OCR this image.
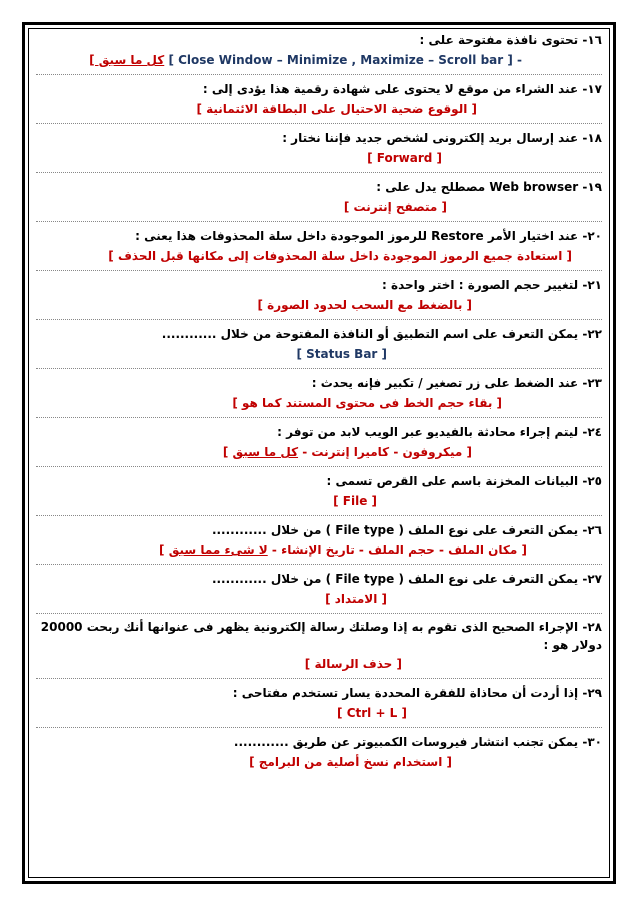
١٦- تحتوى نافذة مفتوحة على :
[ Close Window – Minimize , Maximize – Scroll bar ] - كل ما سبق ]
١٧- عند الشراء من موقع لا يحتوى على شهادة رقمية هذا يؤدى إلى :
[ الوقوع ضحية الاحتيال على البطاقة الائتمانية ]
١٨- عند إرسال بريد إلكترونى لشخص جديد فإننا نختار :
[ Forward ]
١٩- Web browser مصطلح يدل على :
[ متصفح إنترنت ]
٢٠- عند اختيار الأمر Restore للرموز الموجودة داخل سلة المحذوفات هذا يعنى :
[ استعادة جميع الرموز الموجودة داخل سلة المحذوفات إلى مكانها قبل الحذف ]
٢١- لتغيير حجم الصورة : اختر واحدة :
[ بالضغط مع السحب لحدود الصورة ]
٢٢- يمكن التعرف على اسم التطبيق أو النافذة المفتوحة من خلال ............
[ Status Bar ]
٢٣- عند الضغط على زر تصغير / تكبير فإنه يحدث :
[ بقاء حجم الخط فى محتوى المستند كما هو ]
٢٤- ليتم إجراء محادثة بالفيديو عبر الويب لابد من توفر :
[ ميكروفون - كاميرا إنترنت - كل ما سبق ]
٢٥- البيانات المخزنة باسم على القرص تسمى :
[ File ]
٢٦- يمكن التعرف على نوع الملف ( File type ) من خلال ............
[ مكان الملف - حجم الملف - تاريخ الإنشاء - لا شىء مما سبق ]
٢٧- يمكن التعرف على نوع الملف ( File type ) من خلال ............
[ الامتداد ]
٢٨- الإجراء الصحيح الذى تقوم به إذا وصلتك رسالة إلكترونية يظهر فى عنوانها أنك ربحت 20000 دولار هو :
[ حذف الرسالة ]
٢٩- إذا أردت أن محاذاة للفقرة المحددة يسار تستخدم مفتاحى :
[ Ctrl + L ]
٣٠- يمكن تجنب انتشار فيروسات الكمبيوتر عن طريق ............
[ استخدام نسخ أصلية من البرامج ]
